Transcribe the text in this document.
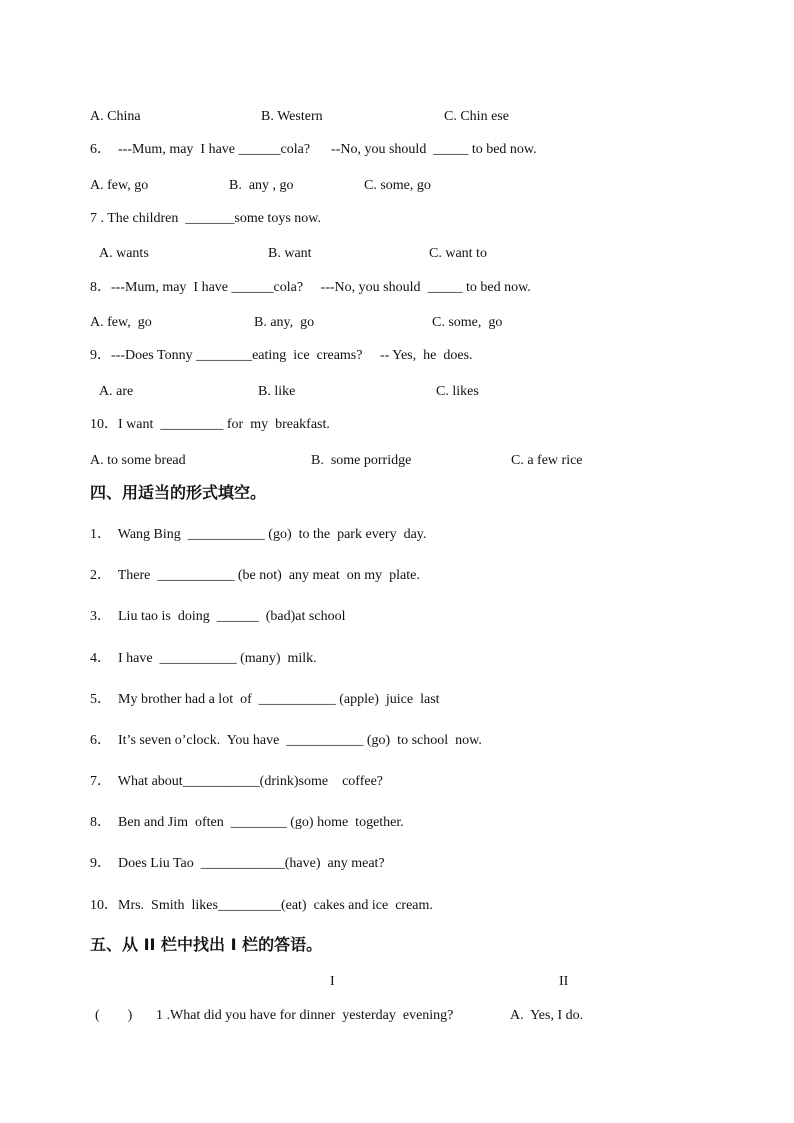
A. China	B. Western	C. Chin ese
6．  ---Mum, may  I have ______cola?      --No, you should  _____ to bed now.
A. few, go	B.  any , go	C. some, go
7 . The children  _______some toys now.
A. wants	B. want	C. want to
8．---Mum, may  I have ______cola?     ---No, you should  _____ to bed now.
A. few,  go	B. any,  go	C. some,  go
9．---Does Tonny ________eating  ice  creams?     -- Yes,  he  does.
A. are	B. like	C. likes
10．I want  _________ for  my  breakfast.
A. to some bread	B.  some porridge	C. a few rice
四、用适当的形式填空。
1．  Wang Bing  ___________ (go)  to the  park every  day.
2．  There  ___________ (be not)  any meat  on my  plate.
3．  Liu tao is  doing  ______  (bad)at school
4．  I have  ___________ (many)  milk.
5．  My brother had a lot  of  ___________ (apple)  juice  last
6．  It’s seven o’clock.  You have  ___________ (go)  to school  now.
7．  What about___________(drink)some    coffee?
8．  Ben and Jim  often  ________ (go) home  together.
9．  Does Liu Tao  ____________(have)  any meat?
10．Mrs.  Smith  likes_________(eat)  cakes and ice  cream.
五、从 II 栏中找出 I 栏的答语。
I	II
(        ) 1 .What did you have for dinner  yesterday  evening?	A.  Yes, I do.
